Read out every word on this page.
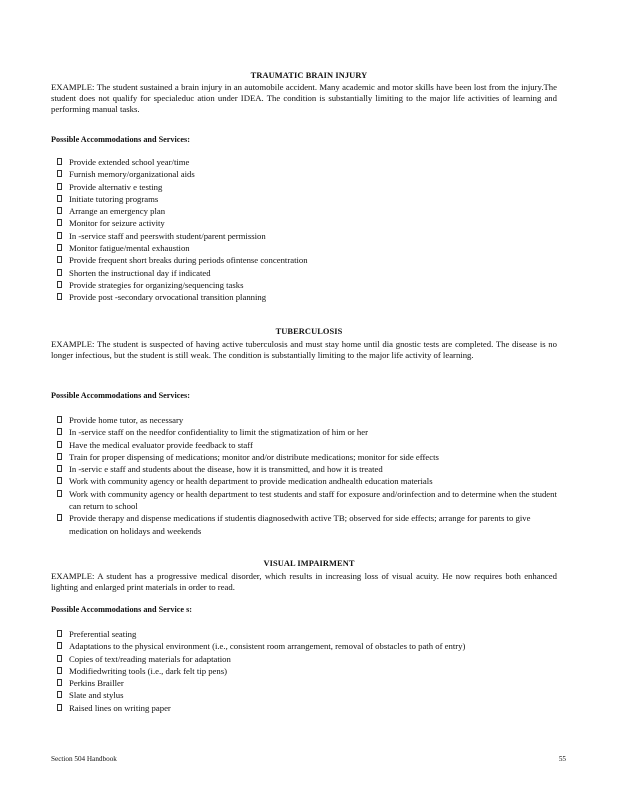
TRAUMATIC BRAIN INJURY
EXAMPLE: The student sustained a brain injury in an automobile accident. Many academic and motor skills have been lost from the injury.The student does not qualify for specialeduc ation under IDEA. The condition is substantially limiting to the major life activities of learning and performing manual tasks.
Possible Accommodations and Services:
Provide extended school year/time
Furnish memory/organizational aids
Provide alternativ e testing
Initiate tutoring programs
Arrange an emergency plan
Monitor for seizure activity
In -service staff and peerswith student/parent permission
Monitor fatigue/mental exhaustion
Provide frequent short breaks during periods ofintense concentration
Shorten the instructional day if indicated
Provide strategies for organizing/sequencing tasks
Provide post -secondary orvocational transition planning
TUBERCULOSIS
EXAMPLE: The student is suspected of having active tuberculosis and must stay home until dia gnostic tests are completed. The disease is no longer infectious, but the student is still weak. The condition is substantially limiting to the major life activity of learning.
Possible Accommodations and Services:
Provide home tutor, as necessary
In -service staff on the needfor confidentiality to limit the stigmatization of him or her
Have the medical evaluator provide feedback to staff
Train for proper dispensing of medications; monitor and/or distribute medications; monitor for side effects
In -servic e staff and students about the disease, how it is transmitted, and how it is treated
Work with community agency or health department to provide medication andhealth education materials
Work with community agency or health department to test students and staff for exposure and/orinfection and to determine when the student can return to school
Provide therapy and dispense medications if studentis diagnosedwith active TB; observed for side effects; arrange for parents to give medication on holidays and weekends
VISUAL IMPAIRMENT
EXAMPLE: A student has a progressive medical disorder, which results in increasing loss of visual acuity. He now requires both enhanced lighting and enlarged print materials in order to read.
Possible Accommodations and Service s:
Preferential seating
Adaptations to the physical environment (i.e., consistent room arrangement, removal of obstacles to path of entry)
Copies of text/reading materials for adaptation
Modifiedwriting tools (i.e., dark felt tip pens)
Perkins Brailler
Slate and stylus
Raised lines on writing paper
Section 504 Handbook	55
